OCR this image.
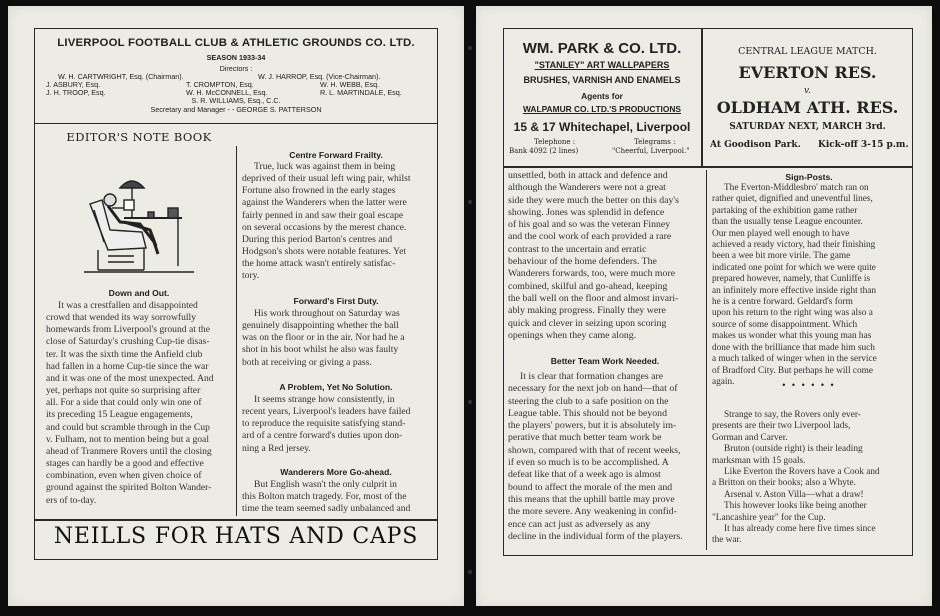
LIVERPOOL FOOTBALL CLUB & ATHLETIC GROUNDS CO. LTD.
SEASON 1933-34
Directors :
W. H. CARTWRIGHT, Esq. (Chairman).	W. J. HARROP, Esq. (Vice-Chairman).
J. ASBURY, Esq.	T. CROMPTON, Esq.	W. H. WEBB, Esq.
J. H. TROOP, Esq.	W. H. McCONNELL, Esq.	R. L. MARTINDALE, Esq.
S. R. WILLIAMS, Esq., C.C.
Secretary and Manager - - GEORGE S. PATTERSON
EDITOR'S NOTE BOOK
Down and Out.
It was a crestfallen and disappointed
crowd that wended its way sorrowfully
homewards from Liverpool's ground at the
close of Saturday's crushing Cup-tie disas-
ter. It was the sixth time the Anfield club
had fallen in a home Cup-tie since the war
and it was one of the most unexpected. And
yet, perhaps not quite so surprising after
all. For a side that could only win one of
its preceding 15 League engagements,
and could but scramble through in the Cup
v. Fulham, not to mention being but a goal
ahead of Tranmere Rovers until the closing
stages can hardly be a good and effective
combination, even when given choice of
ground against the spirited Bolton Wander-
ers of to-day.
Centre Forward Frailty.
True, luck was against them in being
deprived of their usual left wing pair, whilst
Fortune also frowned in the early stages
against the Wanderers when the latter were
fairly penned in and saw their goal escape
on several occasions by the merest chance.
During this period Barton's centres and
Hodgson's shots were notable features. Yet
the home attack wasn't entirely satisfac-
tory.
Forward's First Duty.
His work throughout on Saturday was
genuinely disappointing whether the ball
was on the floor or in the air. Nor had he a
shot in his boot whilst he also was faulty
both at receiving or giving a pass.
A Problem, Yet No Solution.
It seems strange how consistently, in
recent years, Liverpool's leaders have failed
to reproduce the requisite satisfying stand-
ard of a centre forward's duties upon don-
ning a Red jersey.
Wanderers More Go-ahead.
But English wasn't the only culprit in
this Bolton match tragedy. For, most of the
time the team seemed sadly unbalanced and
NEILLS FOR HATS AND CAPS
WM. PARK & CO. LTD.
"STANLEY" ART WALLPAPERS
BRUSHES, VARNISH AND ENAMELS
Agents for
WALPAMUR CO. LTD.'S PRODUCTIONS
15 & 17 Whitechapel, Liverpool
Telephone :
Bank 4092 (2 lines)
Telegrams :
"Cheerful, Liverpool."
CENTRAL LEAGUE MATCH.
EVERTON RES.
v.
OLDHAM ATH. RES.
SATURDAY NEXT, MARCH 3rd.
At Goodison Park. Kick-off 3-15 p.m.
unsettled, both in attack and defence and
although the Wanderers were not a great
side they were much the better on this day's
showing. Jones was splendid in defence
of his goal and so was the veteran Finney
and the cool work of each provided a rare
contrast to the uncertain and erratic
behaviour of the home defenders. The
Wanderers forwards, too, were much more
combined, skilful and go-ahead, keeping
the ball well on the floor and almost invari-
ably making progress. Finally they were
quick and clever in seizing upon scoring
openings when they came along.
Better Team Work Needed.
It is clear that formation changes are
necessary for the next job on hand—that of
steering the club to a safe position on the
League table. This should not be beyond
the players' powers, but it is absolutely im-
perative that much better team work be
shown, compared with that of recent weeks,
if even so much is to be accomplished. A
defeat like that of a week ago is almost
bound to affect the morale of the men and
this means that the uphill battle may prove
the more severe. Any weakening in confid-
ence can act just as adversely as any
decline in the individual form of the players.
Sign-Posts.
The Everton-Middlesbro' match ran on
rather quiet, dignified and uneventful lines,
partaking of the exhibition game rather
than the usually tense League encounter.
Our men played well enough to have
achieved a ready victory, had their finishing
been a wee bit more virile. The game
indicated one point for which we were quite
prepared however, namely, that Cunliffe is
an infinitely more effective inside right than
he is a centre forward. Geldard's form
upon his return to the right wing was also a
source of some disappointment. Which
makes us wonder what this young man has
done with the brilliance that made him such
a much talked of winger when in the service
of Bradford City. But perhaps he will come
again.	• • • • • •
Strange to say, the Rovers only ever-
presents are their two Liverpool lads,
Gorman and Carver.
Bruton (outside right) is their leading
marksman with 15 goals.
Like Everton the Rovers have a Cook and
a Britton on their books; also a Whyte.
Arsenal v. Aston Villa—what a draw!
This however looks like being another
"Lancashire year" for the Cup.
It has already come here five times since
the war.
